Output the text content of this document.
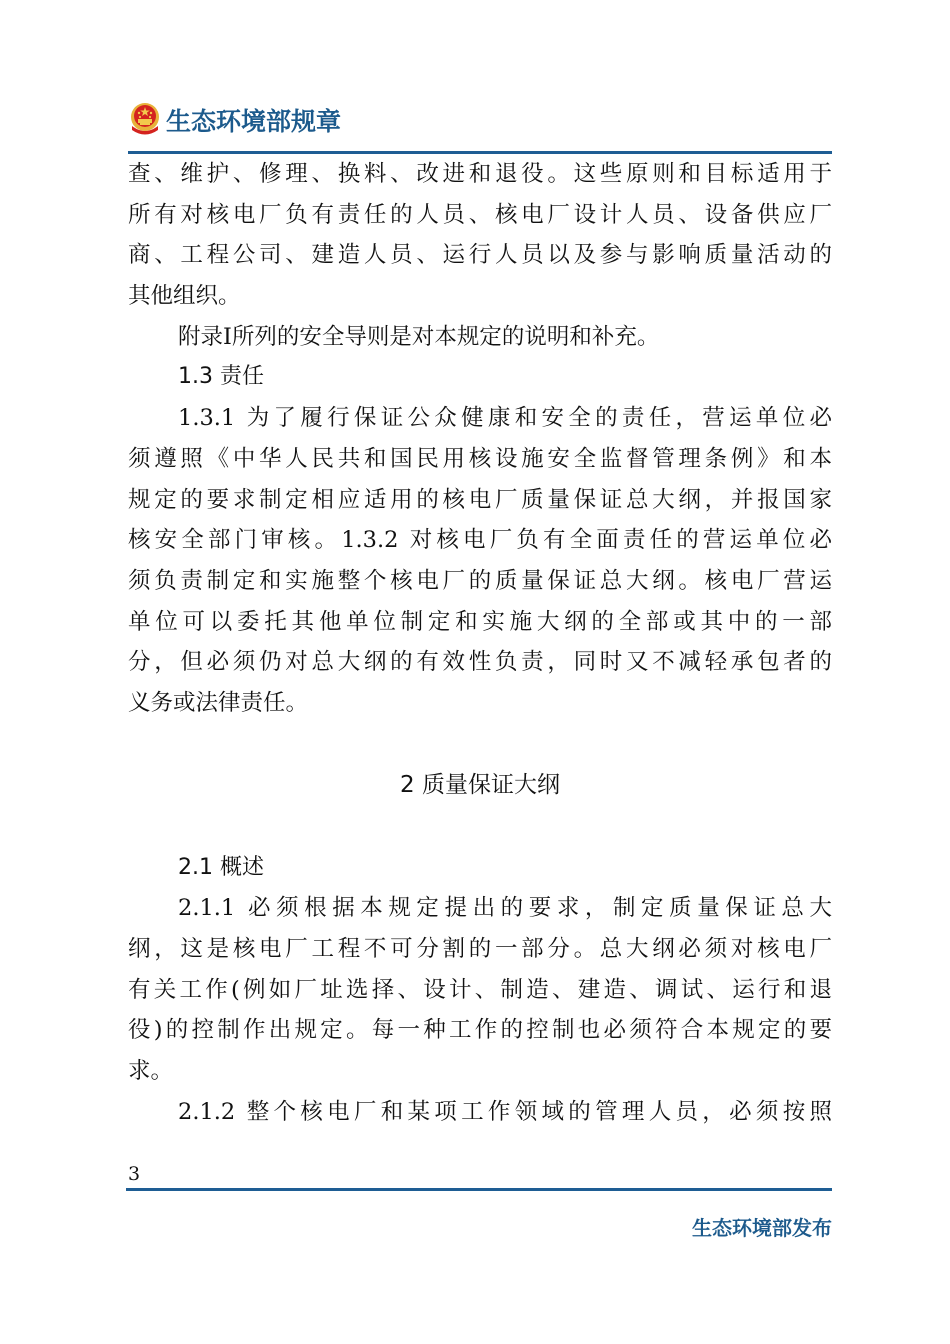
生态环境部规章
查、维护、修理、换料、改进和退役。这些原则和目标适用于
所有对核电厂负有责任的人员、核电厂设计人员、设备供应厂
商、工程公司、建造人员、运行人员以及参与影响质量活动的
其他组织。
附录Ⅰ所列的安全导则是对本规定的说明和补充。
1.3 责任
1.3.1 为了履行保证公众健康和安全的责任，营运单位必
须遵照《中华人民共和国民用核设施安全监督管理条例》和本
规定的要求制定相应适用的核电厂质量保证总大纲，并报国家
核安全部门审核。1.3.2 对核电厂负有全面责任的营运单位必
须负责制定和实施整个核电厂的质量保证总大纲。核电厂营运
单位可以委托其他单位制定和实施大纲的全部或其中的一部
分，但必须仍对总大纲的有效性负责，同时又不减轻承包者的
义务或法律责任。
2 质量保证大纲
2.1 概述
2.1.1 必须根据本规定提出的要求，制定质量保证总大
纲，这是核电厂工程不可分割的一部分。总大纲必须对核电厂
有关工作(例如厂址选择、设计、制造、建造、调试、运行和退
役)的控制作出规定。每一种工作的控制也必须符合本规定的要
求。
2.1.2 整个核电厂和某项工作领域的管理人员，必须按照
3
生态环境部发布
